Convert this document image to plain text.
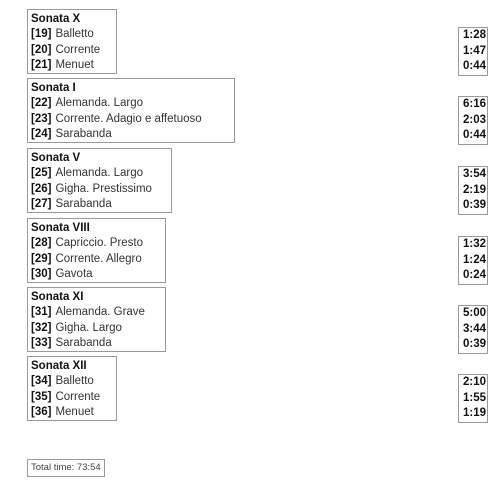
Sonata X
[19] Balletto
[20] Corrente
[21] Menuet
Sonata I
[22] Alemanda. Largo
[23] Corrente. Adagio e affetuoso
[24] Sarabanda
Sonata V
[25] Alemanda. Largo
[26] Gigha. Prestissimo
[27] Sarabanda
Sonata VIII
[28] Capriccio. Presto
[29] Corrente. Allegro
[30] Gavota
Sonata XI
[31] Alemanda. Grave
[32] Gigha. Largo
[33] Sarabanda
Sonata XII
[34] Balletto
[35] Corrente
[36] Menuet
1:28
1:47
0:44
6:16
2:03
0:44
3:54
2:19
0:39
1:32
1:24
0:24
5:00
3:44
0:39
2:10
1:55
1:19
Total time: 73:54
